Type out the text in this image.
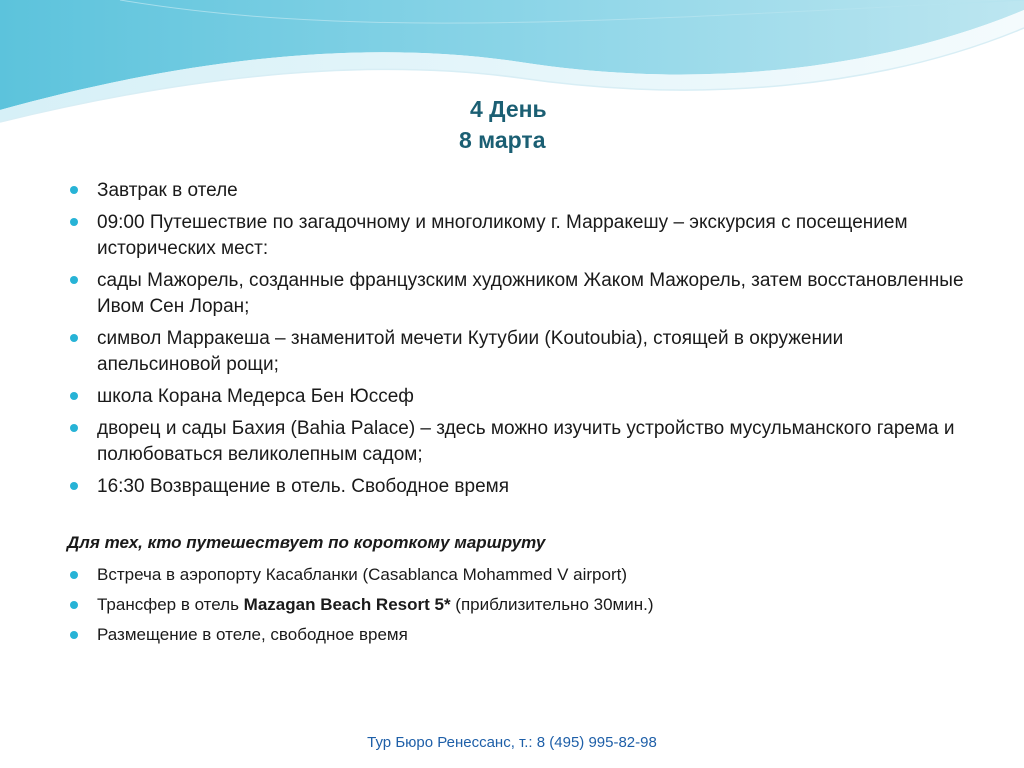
4 День
8 марта
Завтрак в отеле
09:00 Путешествие по загадочному и многоликому г. Марракешу – экскурсия с посещением исторических мест:
сады Мажорель, созданные французским художником Жаком Мажорель, затем восстановленные Ивом Сен Лоран;
символ Марракеша – знаменитой мечети Кутубии (Koutoubia), стоящей в окружении апельсиновой рощи;
школа Корана Медерса Бен Юссеф
дворец и сады Бахия (Bahia Palace) – здесь можно изучить устройство мусульманского гарема и полюбоваться великолепным садом;
16:30 Возвращение в отель. Свободное время
Для тех, кто путешествует по короткому маршруту
Встреча в аэропорту Касабланки (Casablanca Mohammed V airport)
Трансфер в отель Mazagan Beach Resort 5* (приблизительно 30мин.)
Размещение в отеле, свободное время
Тур Бюро Ренессанс, т.: 8 (495) 995-82-98
